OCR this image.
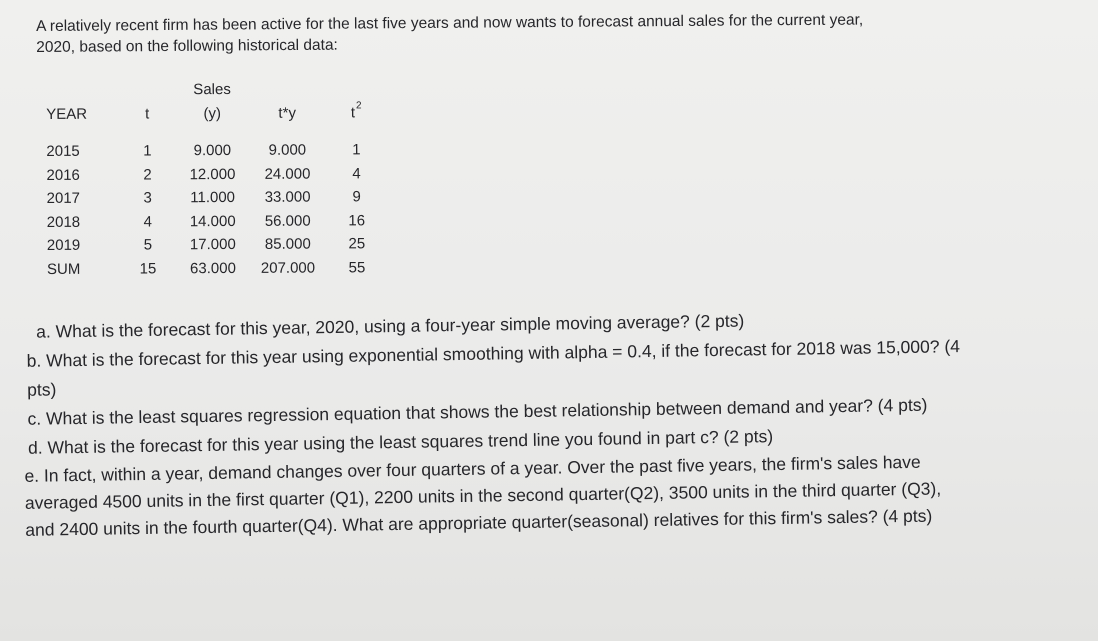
A relatively recent firm has been active for the last five years and now wants to forecast annual sales for the current year,
2020, based on the following historical data:
		Sales		
YEAR	t	(y)	t*y	$t^2$

2015	1	9.000	9.000	1
2016	2	12.000	24.000	4
2017	3	11.000	33.000	9
2018	4	14.000	56.000	16
2019	5	17.000	85.000	25
SUM	15	63.000	207.000	55

a. What is the forecast for this year, 2020, using a four-year simple moving average? (2 pts)

b. What is the forecast for this year using exponential smoothing with alpha = 0.4, if the forecast for 2018 was 15,000? (4

pts)

c. What is the least squares regression equation that shows the best relationship between demand and year? (4 pts)

d. What is the forecast for this year using the least squares trend line you found in part c? (2 pts)

e. In fact, within a year, demand changes over four quarters of a year. Over the past five years, the firm's sales have

averaged 4500 units in the first quarter (Q1), 2200 units in the second quarter(Q2), 3500 units in the third quarter (Q3),

and 2400 units in the fourth quarter(Q4). What are appropriate quarter(seasonal) relatives for this firm's sales? (4 pts)
